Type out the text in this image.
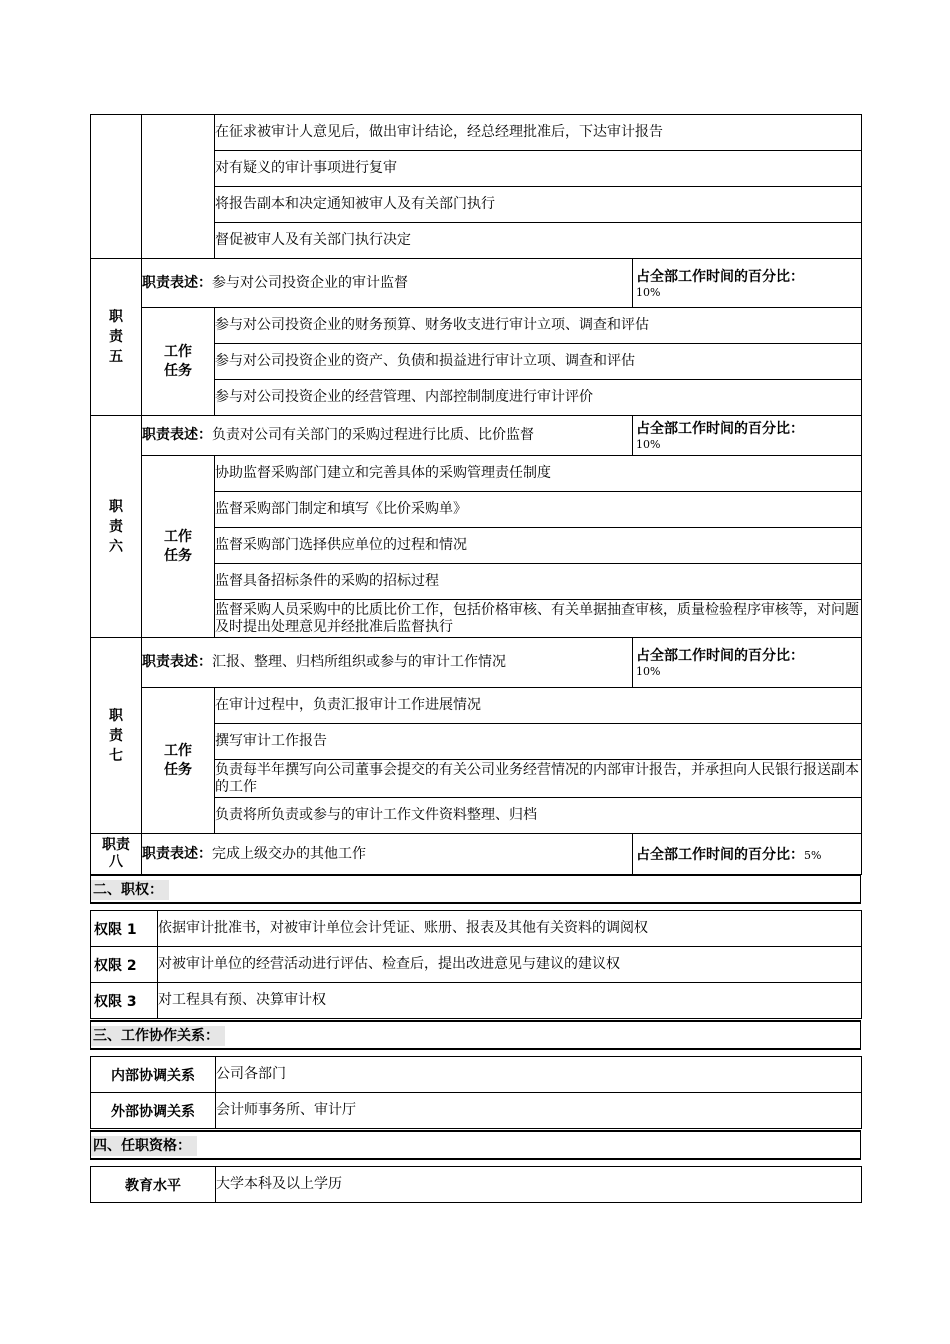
		在征求被审计人意见后，做出审计结论，经总经理批准后，下达审计报告
对有疑义的审计事项进行复审
将报告副本和决定通知被审人及有关部门执行
督促被审人及有关部门执行决定
职责五	职责表述：参与对公司投资企业的审计监督		占全部工作时间的百分比：
10%

	工作任务	参与对公司投资企业的财务预算、财务收支进行审计立项、调查和评估	
		参与对公司投资企业的资产、负债和损益进行审计立项、调查和评估	
		参与对公司投资企业的经营管理、内部控制制度进行审计评价	
职责六	职责表述：负责对公司有关部门的采购过程进行比质、比价监督		占全部工作时间的百分比：
10%

	工作任务	协助监督采购部门建立和完善具体的采购管理责任制度	
		监督采购部门制定和填写《比价采购单》	
		监督采购部门选择供应单位的过程和情况	
		监督具备招标条件的采购的招标过程	
		监督采购人员采购中的比质比价工作，包括价格审核、有关单据抽查审核，质量检验程序审核等，对问题及时提出处理意见并经批准后监督执行	
职责七	职责表述：汇报、整理、归档所组织或参与的审计工作情况		占全部工作时间的百分比：
10%

	工作任务	在审计过程中，负责汇报审计工作进展情况	
		撰写审计工作报告	
		负责每半年撰写向公司董事会提交的有关公司业务经营情况的内部审计报告，并承担向人民银行报送副本的工作	
		负责将所负责或参与的审计工作文件资料整理、归档	
职责八	职责表述：完成上级交办的其他工作	占全部工作时间的百分比：5%
二、职权：
权限 1	依据审计批准书，对被审计单位会计凭证、账册、报表及其他有关资料的调阅权
权限 2	对被审计单位的经营活动进行评估、检查后，提出改进意见与建议的建议权
权限 3	对工程具有预、决算审计权
三、工作协作关系：
内部协调关系	公司各部门
外部协调关系	会计师事务所、审计厅
四、任职资格：
教育水平	大学本科及以上学历
